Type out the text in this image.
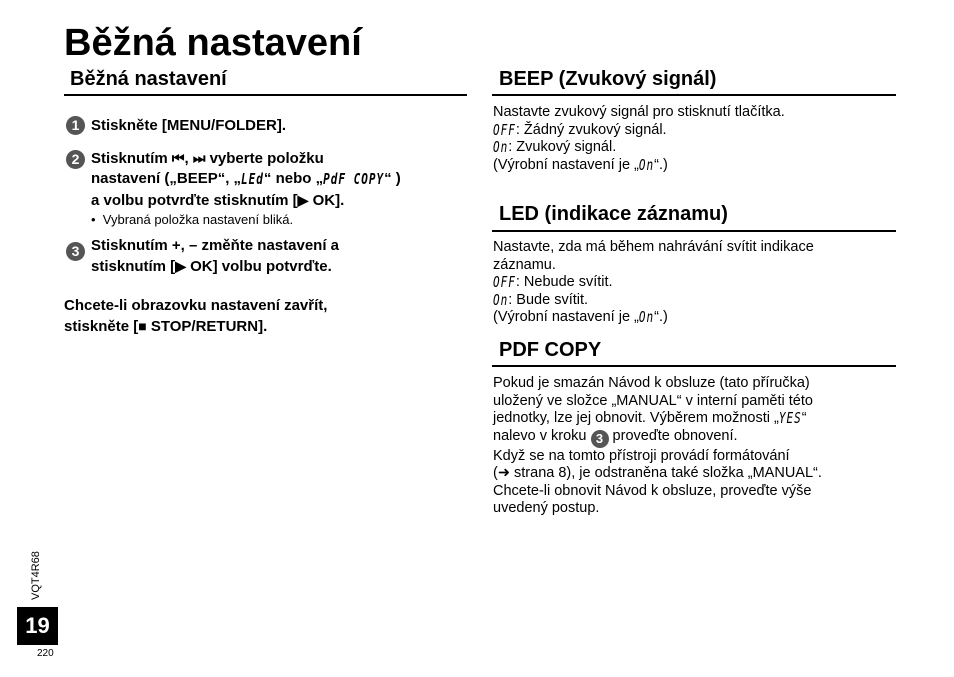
Běžná nastavení
Běžná nastavení
1 Stiskněte [MENU/FOLDER].
2 Stisknutím ⏮, ⏭ vyberte položku
nastavení („BEEP“, „LEd“ nebo „PdF COPY“ )
a volbu potvrďte stisknutím [▶ OK].
•  Vybraná položka nastavení bliká.
3 Stisknutím +, – změňte nastavení a
stisknutím [▶ OK] volbu potvrďte.
Chcete-li obrazovku nastavení zavřít,
stiskněte [■ STOP/RETURN].
BEEP (Zvukový signál)
Nastavte zvukový signál pro stisknutí tlačítka.
OFF: Žádný zvukový signál.
On: Zvukový signál.
(Výrobní nastavení je „On“.)
LED (indikace záznamu)
Nastavte, zda má během nahrávání svítit indikace
záznamu.
OFF: Nebude svítit.
On: Bude svítit.
(Výrobní nastavení je „On“.)
PDF COPY
Pokud je smazán Návod k obsluze (tato příručka)
uložený ve složce „MANUAL“ v interní paměti této
jednotky, lze jej obnovit. Výběrem možnosti „YES“
nalevo v kroku 3 proveďte obnovení.
Když se na tomto přístroji provádí formátování
(➜ strana 8), je odstraněna také složka „MANUAL“.
Chcete-li obnovit Návod k obsluze, proveďte výše
uvedený postup.
VQT4R68
19
220
